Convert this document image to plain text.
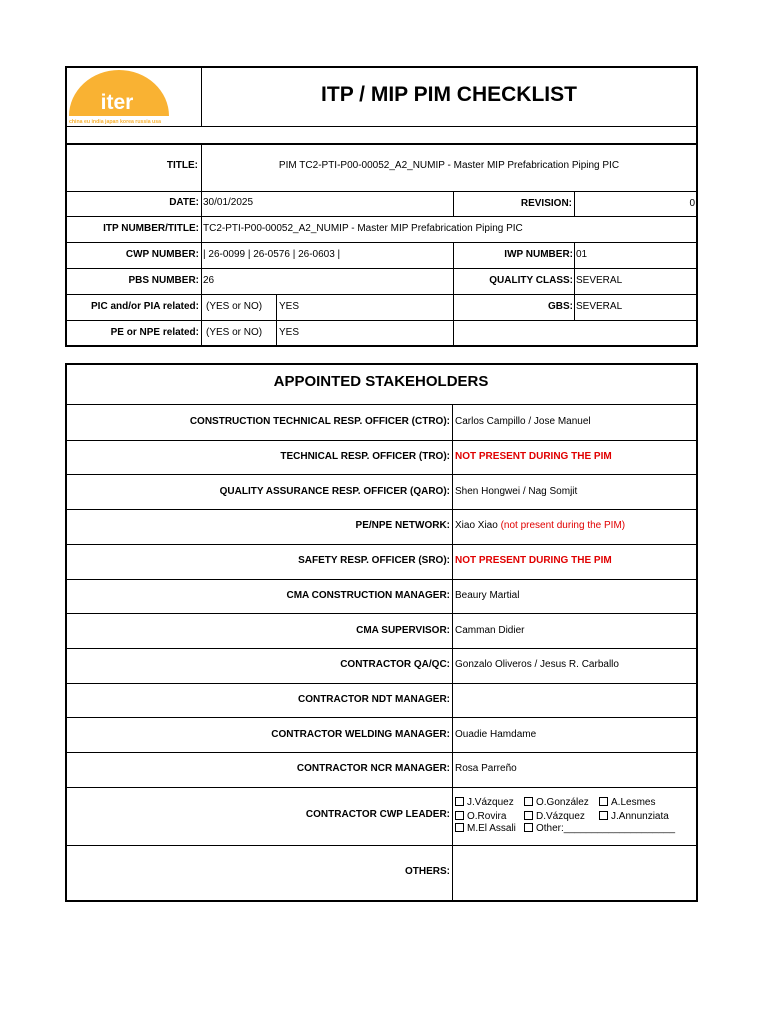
iter
china eu india japan korea russia usa
ITP / MIP PIM CHECKLIST
TITLE:	PIM TC2-PTI-P00-00052_A2_NUMIP - Master MIP Prefabrication Piping PIC
DATE: 30/01/2025	REVISION:	0
ITP NUMBER/TITLE: TC2-PTI-P00-00052_A2_NUMIP - Master MIP Prefabrication Piping PIC
CWP NUMBER: | 26-0099 | 26-0576 | 26-0603 |	IWP NUMBER: 01
PBS NUMBER: 26	QUALITY CLASS: SEVERAL
PIC and/or PIA related: (YES or NO) YES	GBS: SEVERAL
PE or NPE related: (YES or NO) YES
APPOINTED STAKEHOLDERS
CONSTRUCTION TECHNICAL RESP. OFFICER (CTRO): Carlos Campillo / Jose Manuel
TECHNICAL RESP. OFFICER (TRO): NOT PRESENT DURING THE PIM
QUALITY ASSURANCE RESP. OFFICER (QARO): Shen Hongwei / Nag Somjit
PE/NPE NETWORK: Xiao Xiao (not present during the PIM)
SAFETY RESP. OFFICER (SRO): NOT PRESENT DURING THE PIM
CMA CONSTRUCTION MANAGER: Beaury Martial
CMA SUPERVISOR: Camman Didier
CONTRACTOR QA/QC: Gonzalo Oliveros / Jesus R. Carballo
CONTRACTOR NDT MANAGER:
CONTRACTOR WELDING MANAGER: Ouadie Hamdame
CONTRACTOR NCR MANAGER: Rosa Parreño
CONTRACTOR CWP LEADER:
J.Vázquez	O.González	A.Lesmes
O.Rovira	D.Vázquez	J.Annunziata
M.El Assali	Other:____________________
OTHERS:
